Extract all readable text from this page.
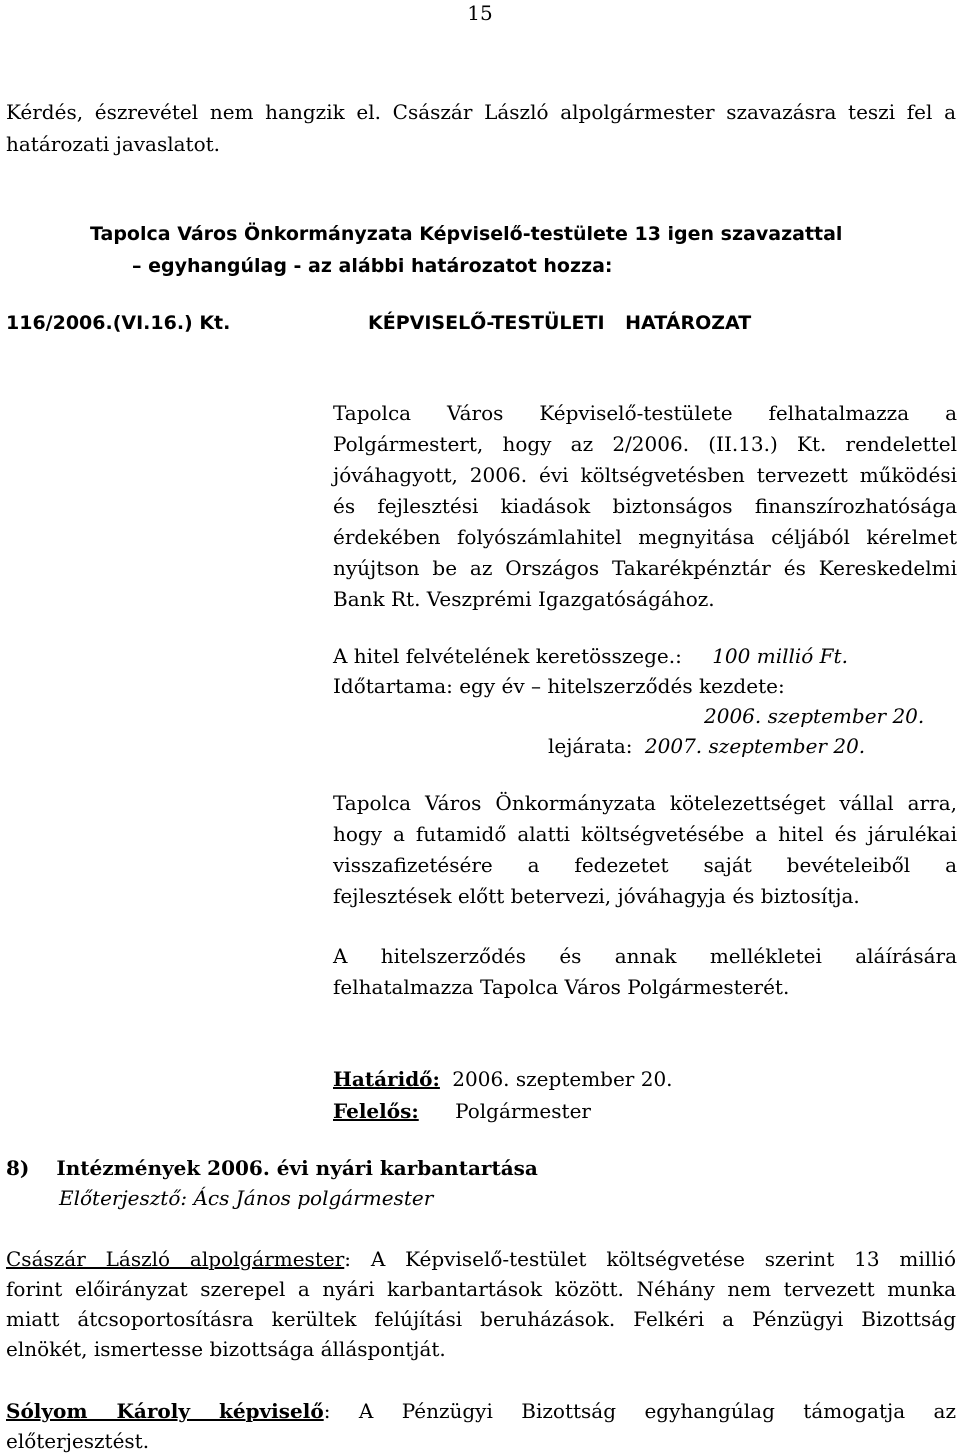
15
Kérdés, észrevétel nem hangzik el. Császár László alpolgármester szavazásra teszi fel a
határozati javaslatot.
Tapolca Város Önkormányzata Képviselő-testülete 13 igen szavazattal
– egyhangúlag - az alábbi határozatot hozza:
116/2006.(VI.16.) Kt.	KÉPVISELŐ-TESTÜLETI HATÁROZAT
Tapolca Város Képviselő-testülete felhatalmazza a
Polgármestert, hogy az 2/2006. (II.13.) Kt. rendelettel
jóváhagyott, 2006. évi költségvetésben tervezett működési
és fejlesztési kiadások biztonságos finanszírozhatósága
érdekében folyószámlahitel megnyitása céljából kérelmet
nyújtson be az Országos Takarékpénztár és Kereskedelmi
Bank Rt. Veszprémi Igazgatóságához.
A hitel felvételének keretösszege.: 100 millió Ft.
Időtartama: egy év – hitelszerződés kezdete:
2006. szeptember 20.
lejárata: 2007. szeptember 20.
Tapolca Város Önkormányzata kötelezettséget vállal arra,
hogy a futamidő alatti költségvetésébe a hitel és járulékai
visszafizetésére a fedezetet saját bevételeiből a
fejlesztések előtt betervezi, jóváhagyja és biztosítja.
A hitelszerződés és annak mellékletei aláírására
felhatalmazza Tapolca Város Polgármesterét.
Határidő: 2006. szeptember 20.
Felelős: Polgármester
8) Intézmények 2006. évi nyári karbantartása
Előterjesztő: Ács János polgármester
Császár László alpolgármester: A Képviselő-testület költségvetése szerint 13 millió
forint előirányzat szerepel a nyári karbantartások között. Néhány nem tervezett munka
miatt átcsoportosításra kerültek felújítási beruházások. Felkéri a Pénzügyi Bizottság
elnökét, ismertesse bizottsága álláspontját.
Sólyom Károly képviselő: A Pénzügyi Bizottság egyhangúlag támogatja az
előterjesztést.
